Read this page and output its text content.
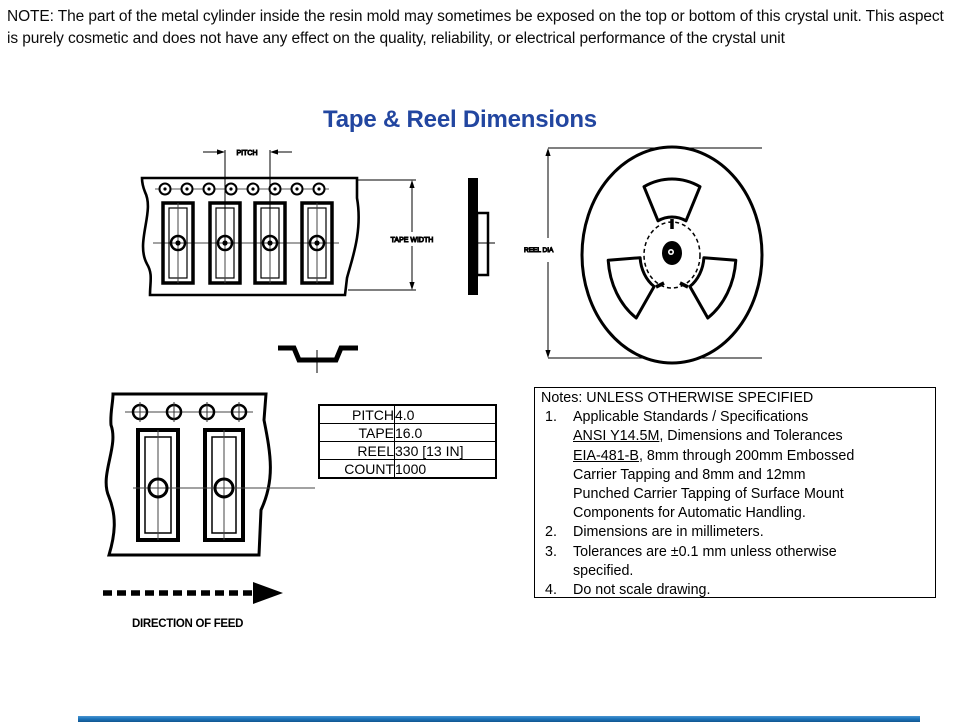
NOTE: The part of the metal cylinder inside the resin mold may sometimes be exposed on the top or bottom of this crystal unit. This aspect is purely cosmetic and does not have any effect on the quality, reliability, or electrical performance of the crystal unit
Tape & Reel Dimensions
PITCH
TAPE WIDTH
REEL DIA
DIRECTION OF FEED
PITCH	4.0
TAPE	16.0
REEL	330 [13 IN]
COUNT	1000
Notes: UNLESS OTHERWISE SPECIFIED
1. Applicable Standards / Specifications
ANSI Y14.5M, Dimensions and Tolerances
EIA-481-B, 8mm through 200mm Embossed
Carrier Tapping and 8mm and 12mm
Punched Carrier Tapping of Surface Mount
Components for Automatic Handling.
2. Dimensions are in millimeters.
3. Tolerances are ±0.1 mm unless otherwise
specified.
4. Do not scale drawing.
